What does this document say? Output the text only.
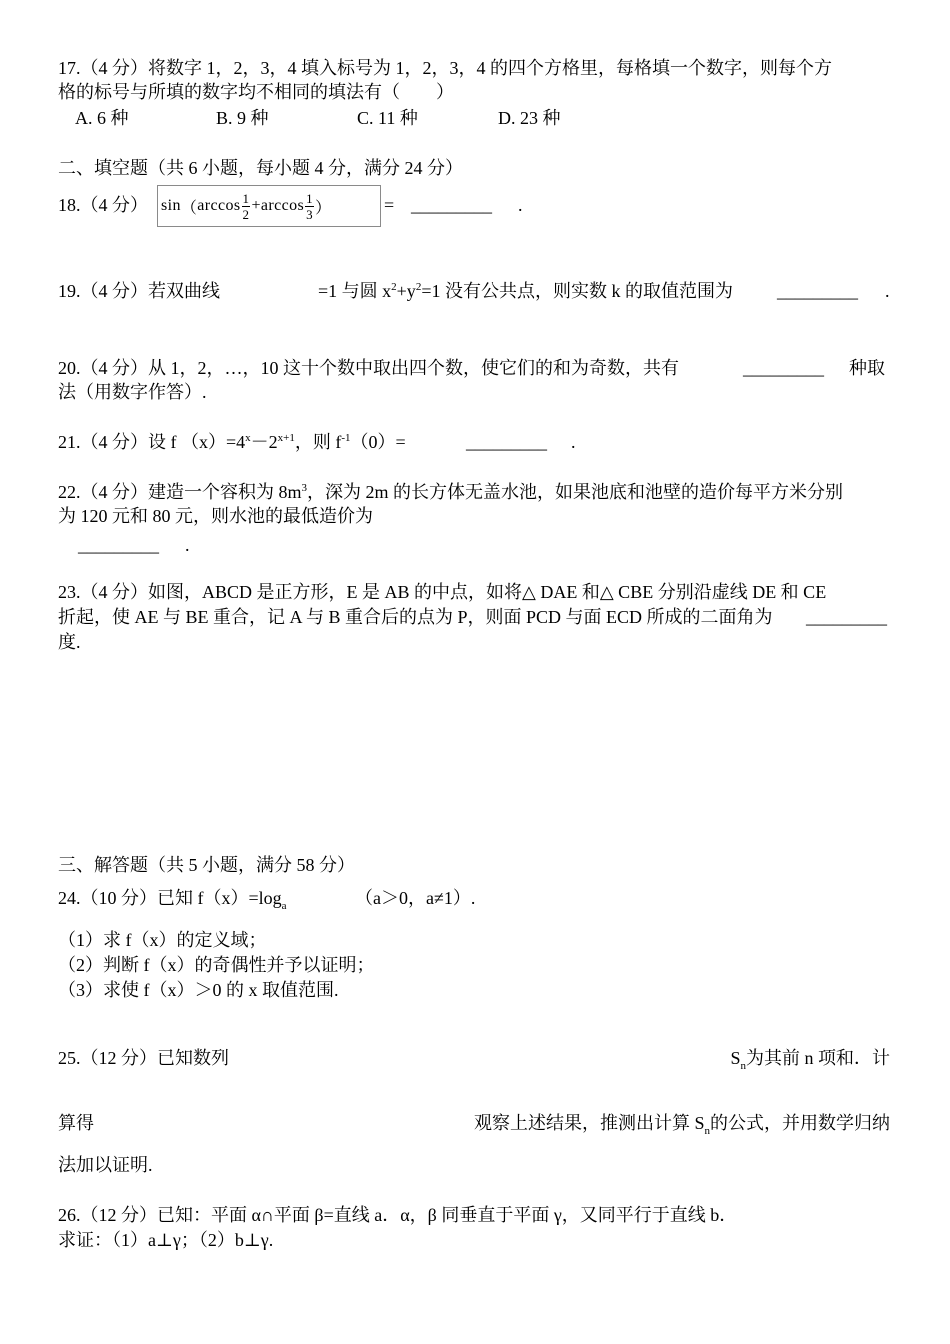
17.（4 分）将数字 1，2，3，4 填入标号为 1，2，3，4 的四个方格里，每格填一个数字，则每个方
格的标号与所填的数字均不相同的填法有（　　）
A. 6 种	B. 9 种	C. 11 种	D. 23 种
二、填空题（共 6 小题，每小题 4 分，满分 24 分）
18.（4 分） sin （ $\arccos \frac{1}{2} + \arccos \frac{1}{3}$ ）	= _________ .
19.（4 分）若双曲线	=1 与圆 $x^2+y^2=1$ 没有公共点，则实数 k 的取值范围为 _________ .
20.（4 分）从 1，2，…，10 这十个数中取出四个数，使它们的和为奇数，共有	_________ 种取
法（用数字作答）.
21.（4 分）设 f $(x)=4^x-2^{x+1}$，则 $f^{-1}(0)=$	_________ .
22.（4 分）建造一个容积为 $8m^3$，深为 2m 的长方体无盖水池，如果池底和池壁的造价每平方米分别
为 120 元和 80 元，则水池的最低造价为
_________ .
23.（4 分）如图，ABCD 是正方形，E 是 AB 的中点，如将△ DAE 和△ CBE 分别沿虚线 DE 和 CE
折起，使 AE 与 BE 重合，记 A 与 B 重合后的点为 P，则面 PCD 与面 ECD 所成的二面角为 _________
度.
三、解答题（共 5 小题，满分 58 分）
24.（10 分）已知 $f(x)=\log_a$	（a＞0，a≠1）.
（1）求 f（x）的定义域；
（2）判断 f（x）的奇偶性并予以证明；
（3）求使 f（x）＞0 的 x 取值范围.
25.（12 分）已知数列	$S_n$为其前 n 项和．计
算得	观察上述结果，推测出计算 $S_n$的公式，并用数学归纳
法加以证明.
26.（12 分）已知：平面 α∩平面 β=直线 a．α，β 同垂直于平面 γ，又同平行于直线 b．
求证：（1）a⊥γ；（2）b⊥γ.
